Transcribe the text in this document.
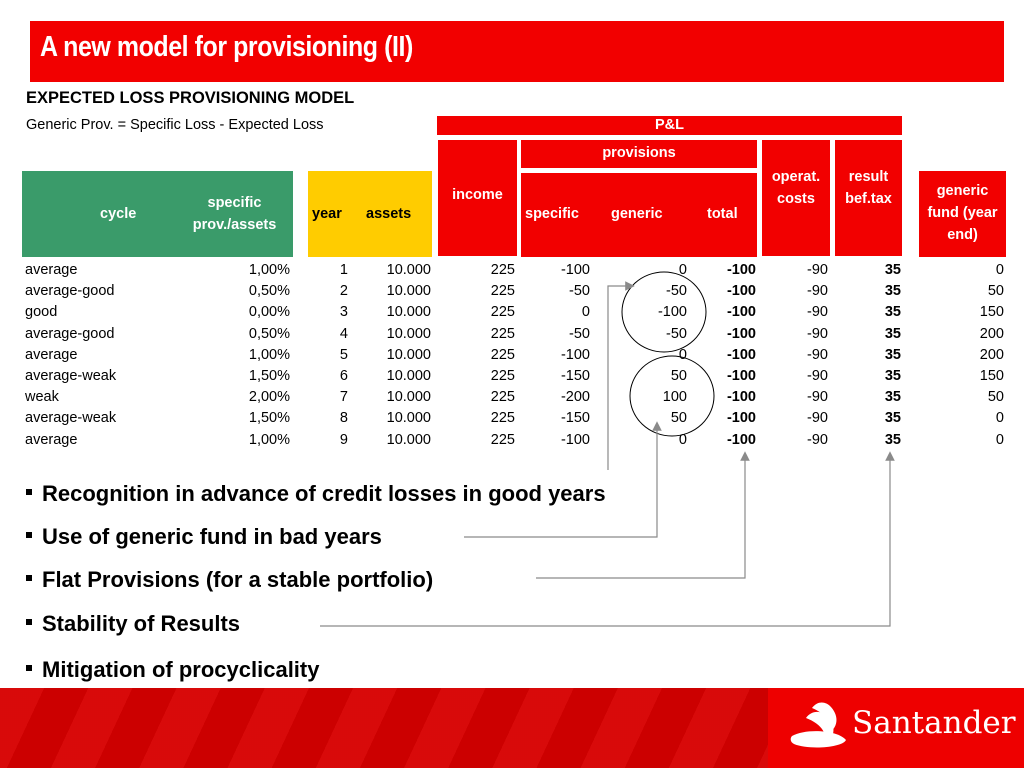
A new model for provisioning (II)
EXPECTED LOSS PROVISIONING MODEL
Generic Prov. = Specific Loss - Expected Loss	P&L
provisions
income
cycle
specific
prov./assets
year assets	specific generic	total
operat.
costs
result
bef.tax	generic
fund (year
end)
average	1,00%	1	10.000	225	-100	0	-100	-90	35	0
average-good	0,50%	2	10.000	225	-50	-50	-100	-90	35	50
good	0,00%	3	10.000	225	0	-100	-100	-90	35	150
average-good	0,50%	4	10.000	225	-50	-50	-100	-90	35	200
average	1,00%	5	10.000	225	-100	0	-100	-90	35	200
average-weak	1,50%	6	10.000	225	-150	50	-100	-90	35	150
weak	2,00%	7	10.000	225	-200	100	-100	-90	35	50
average-weak	1,50%	8	10.000	225	-150	50	-100	-90	35	0
average	1,00%	9	10.000	225	-100	0	-100	-90	35	0
Recognition in advance of credit losses in good years
Use of generic fund in bad years
Flat Provisions (for a stable portfolio)
Stability of Results
Mitigation of procyclicality
Santander
